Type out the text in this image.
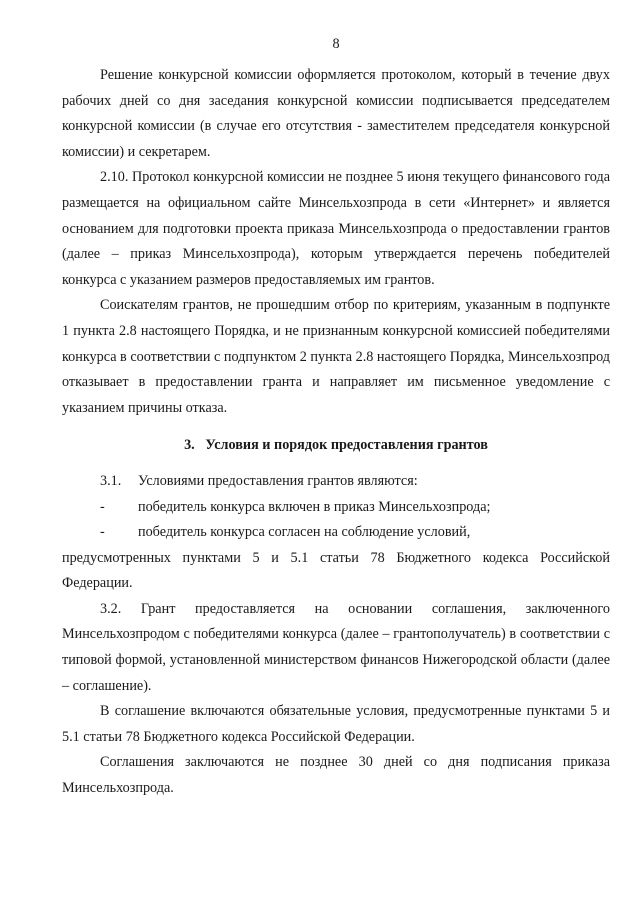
8

Решение конкурсной комиссии оформляется протоколом, который в течение двух рабочих дней со дня заседания конкурсной комиссии подписывается председателем конкурсной комиссии (в случае его отсутствия - заместителем председателя конкурсной комиссии) и секретарем.

2.10. Протокол конкурсной комиссии не позднее 5 июня текущего финансового года размещается на официальном сайте Минсельхозпрода в сети «Интернет» и является основанием для подготовки проекта приказа Минсельхозпрода о предоставлении грантов (далее – приказ Минсельхозпрода), которым утверждается перечень победителей конкурса с указанием размеров предоставляемых им грантов.

Соискателям грантов, не прошедшим отбор по критериям, указанным в подпункте 1 пункта 2.8 настоящего Порядка, и не признанным конкурсной комиссией победителями конкурса в соответствии с подпунктом 2 пункта 2.8 настоящего Порядка, Минсельхозпрод отказывает в предоставлении гранта и направляет им письменное уведомление с указанием причины отказа.

3.   Условия и порядок предоставления грантов

3.1.	Условиями предоставления грантов являются:
-	победитель конкурса включен в приказ Минсельхозпрода;
-	победитель конкурса согласен на соблюдение условий,

предусмотренных пунктами 5 и 5.1 статьи 78 Бюджетного кодекса Российской Федерации.

3.2. Грант предоставляется на основании соглашения, заключенного Минсельхозпродом с победителями конкурса (далее – грантополучатель) в соответствии с типовой формой, установленной министерством финансов Нижегородской области (далее – соглашение).

В соглашение включаются обязательные условия, предусмотренные пунктами 5 и 5.1 статьи 78 Бюджетного кодекса Российской Федерации.

Соглашения заключаются не позднее 30 дней со дня подписания приказа Минсельхозпрода.
